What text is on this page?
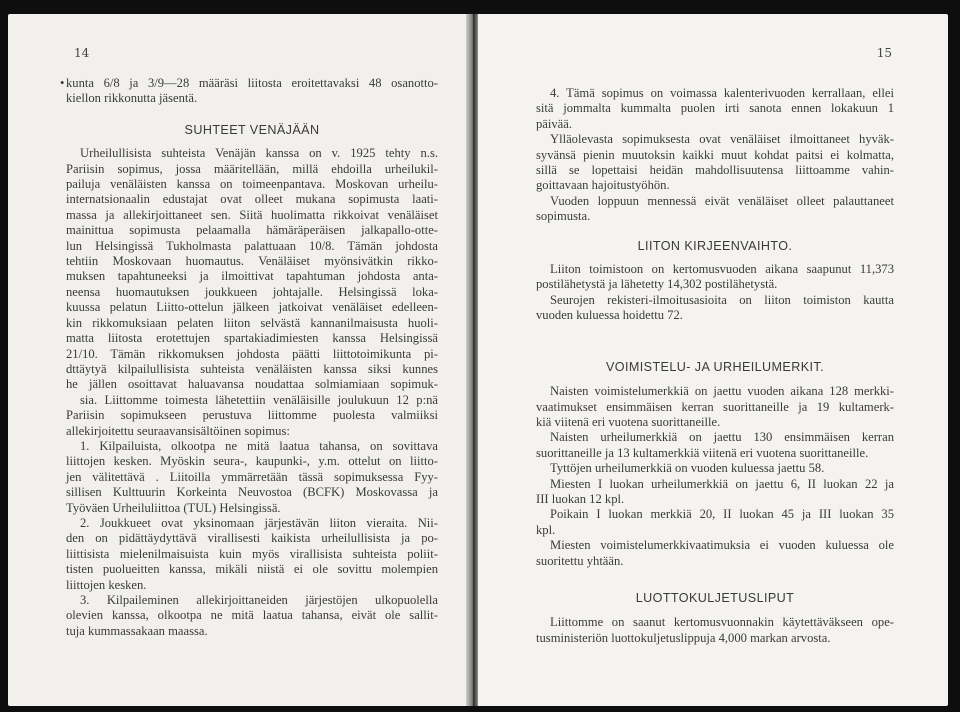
14
• kunta 6/8 ja 3/9—28 määräsi liitosta eroitettavaksi 48 osanotto-
kiellon rikkonutta jäsentä.
SUHTEET VENÄJÄÄN
Urheilullisista suhteista Venäjän kanssa on v. 1925 tehty n.s.
Pariisin sopimus, jossa määritellään, millä ehdoilla urheilukil-
pailuja venäläisten kanssa on toimeenpantava. Moskovan urheilu-
internatsionaalin edustajat ovat olleet mukana sopimusta laati-
massa ja allekirjoittaneet sen. Siitä huolimatta rikkoivat venäläiset
mainittua sopimusta pelaamalla hämäräperäisen jalkapallo-otte-
lun Helsingissä Tukholmasta palattuaan 10/8. Tämän johdosta
tehtiin Moskovaan huomautus. Venäläiset myönsivätkin rikko-
muksen tapahtuneeksi ja ilmoittivat tapahtuman johdosta anta-
neensa huomautuksen joukkueen johtajalle. Helsingissä loka-
kuussa pelatun Liitto-ottelun jälkeen jatkoivat venäläiset edelleen-
kin rikkomuksiaan pelaten liiton selvästä kannanilmaisusta huoli-
matta liitosta erotettujen spartakiadimiesten kanssa Helsingissä
21/10. Tämän rikkomuksen johdosta päätti liittotoimikunta pi-
dttäytyä kilpailullisista suhteista venäläisten kanssa siksi kunnes
he jällen osoittavat haluavansa noudattaa solmiamiaan sopimuk-
sia. Liittomme toimesta lähetettiin venäläisille joulukuun 12 p:nä
Pariisin sopimukseen perustuva liittomme puolesta valmiiksi
allekirjoitettu seuraavansisältöinen sopimus:
1. Kilpailuista, olkootpa ne mitä laatua tahansa, on sovittava
liittojen kesken. Myöskin seura-, kaupunki-, y.m. ottelut on liitto-
jen välitettävä . Liitoilla ymmärretään tässä sopimuksessa Fyy-
sillisen Kulttuurin Korkeinta Neuvostoa (BCFK) Moskovassa ja
Työväen Urheiluliittoa (TUL) Helsingissä.
2. Joukkueet ovat yksinomaan järjestävän liiton vieraita. Nii-
den on pidättäydyttävä virallisesti kaikista urheilullisista ja po-
liittisista mielenilmaisuista kuin myös virallisista suhteista poliit-
tisten puolueitten kanssa, mikäli niistä ei ole sovittu molempien
liittojen kesken.
3. Kilpaileminen allekirjoittaneiden järjestöjen ulkopuolella
olevien kanssa, olkootpa ne mitä laatua tahansa, eivät ole sallit-
tuja kummassakaan maassa.
15
4. Tämä sopimus on voimassa kalenterivuoden kerrallaan, ellei
sitä jommalta kummalta puolen irti sanota ennen lokakuun 1
päivää.
Ylläolevasta sopimuksesta ovat venäläiset ilmoittaneet hyväk-
syvänsä pienin muutoksin kaikki muut kohdat paitsi ei kolmatta,
sillä se lopettaisi heidän mahdollisuutensa liittoamme vahin-
goittavaan hajoitustyöhön.
Vuoden loppuun mennessä eivät venäläiset olleet palauttaneet
sopimusta.
LIITON KIRJEENVAIHTO.
Liiton toimistoon on kertomusvuoden aikana saapunut 11,373
postilähetystä ja lähetetty 14,302 postilähetystä.
Seurojen rekisteri-ilmoitusasioita on liiton toimiston kautta
vuoden kuluessa hoidettu 72.
VOIMISTELU- JA URHEILUMERKIT.
Naisten voimistelumerkkiä on jaettu vuoden aikana 128 merkki-
vaatimukset ensimmäisen kerran suorittaneille ja 19 kultamerk-
kiä viitenä eri vuotena suorittaneille.
Naisten urheilumerkkiä on jaettu 130 ensimmäisen kerran
suorittaneille ja 13 kultamerkkiä viitenä eri vuotena suorittaneille.
Tyttöjen urheilumerkkiä on vuoden kuluessa jaettu 58.
Miesten I luokan urheilumerkkiä on jaettu 6, II luokan 22 ja
III luokan 12 kpl.
Poikain I luokan merkkiä 20, II luokan 45 ja III luokan 35
kpl.
Miesten voimistelumerkkivaatimuksia ei vuoden kuluessa ole
suoritettu yhtään.
LUOTTOKULJETUSLIPUT
Liittomme on saanut kertomusvuonnakin käytettäväkseen ope-
tusministeriön luottokuljetuslippuja 4,000 markan arvosta.
